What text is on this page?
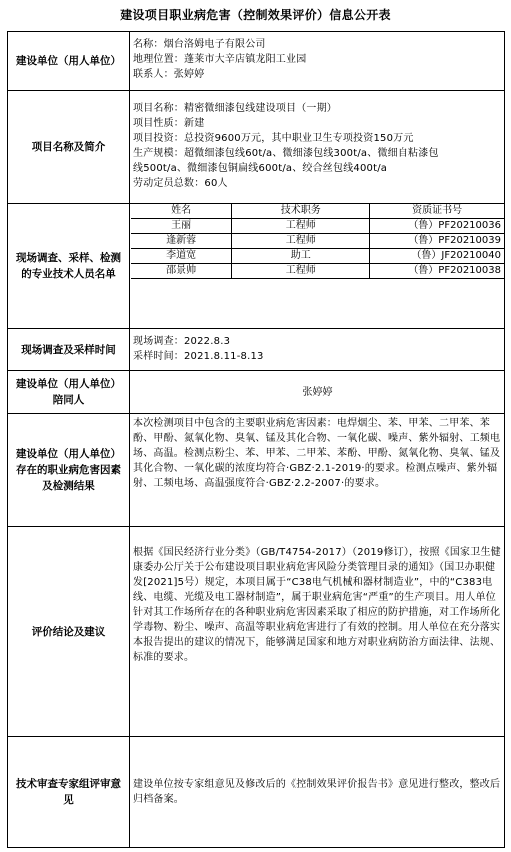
建设项目职业病危害（控制效果评价）信息公开表
建设单位（用人单位）
名称：烟台洛姆电子有限公司
地理位置：蓬莱市大辛店镇龙阳工业园
联系人：张婷婷
项目名称及简介
项目名称：精密微细漆包线建设项目（一期）
项目性质：新建
项目投资：总投资9600万元，其中职业卫生专项投资150万元
生产规模：超微细漆包线60t/a、微细漆包线300t/a、微细自粘漆包
线500t/a、微细漆包铜扁线600t/a、绞合丝包线400t/a
劳动定员总数：60人
现场调查、采样、检测的专业技术人员名单
姓名	技术职务	资质证书号
王丽	工程师	（鲁）PF20210036
逢新蓉	工程师	（鲁）PF20210039
李道宽	助工	（鲁）JF20210040
邵景帅	工程师	（鲁）PF20210038
现场调查及采样时间
现场调查：2022.8.3
采样时间：2021.8.11-8.13
建设单位（用人单位）陪同人
张婷婷
建设单位（用人单位）存在的职业病危害因素及检测结果
本次检测项目中包含的主要职业病危害因素：电焊烟尘、苯、甲苯、二甲苯、苯酚、甲酚、氮氧化物、臭氧、锰及其化合物、一氧化碳、噪声、紫外辐射、工频电场、高温。检测点粉尘、苯、甲苯、二甲苯、苯酚、甲酚、氮氧化物、臭氧、锰及其化合物、一氧化碳的浓度均符合·GBZ·2.1-2019·的要求。检测点噪声、紫外辐射、工频电场、高温强度符合·GBZ·2.2-2007·的要求。
评价结论及建议
根据《国民经济行业分类》（GB/T4754-2017）（2019修订），按照《国家卫生健康委办公厅关于公布建设项目职业病危害风险分类管理目录的通知》（国卫办职健发[2021]5号）规定，本项目属于“C38电气机械和器材制造业”，中的“C383电线、电缆、光缆及电工器材制造”，属于职业病危害“严重”的生产项目。用人单位针对其工作场所存在的各种职业病危害因素采取了相应的防护措施，对工作场所化学毒物、粉尘、噪声、高温等职业病危害进行了有效的控制。用人单位在充分落实本报告提出的建议的情况下，能够满足国家和地方对职业病防治方面法律、法规、标准的要求。
技术审查专家组评审意见
建设单位按专家组意见及修改后的《控制效果评价报告书》意见进行整改，整改后归档备案。
